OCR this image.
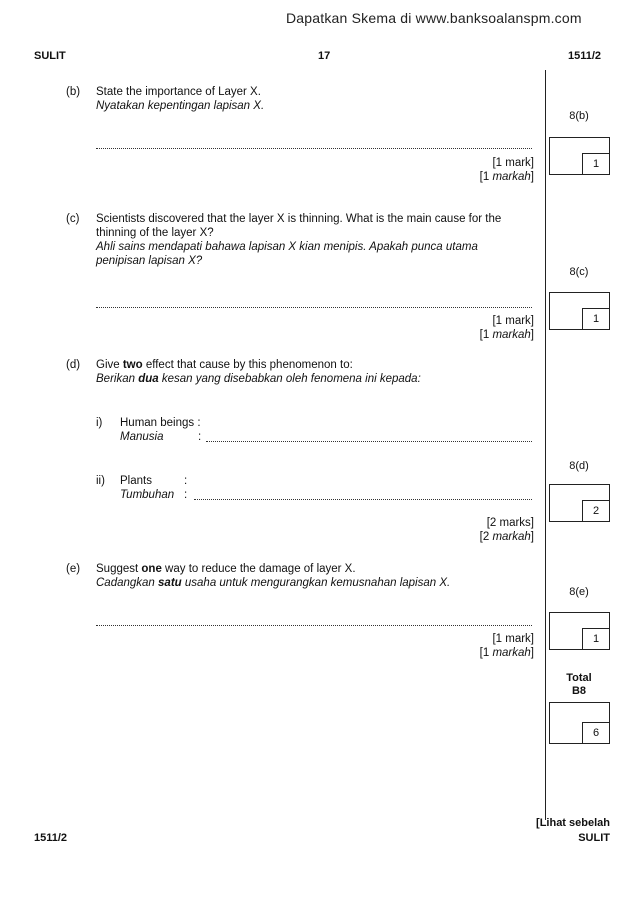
Dapatkan Skema di www.banksoalanspm.com
SULIT	17	1511/2
(b) State the importance of Layer X.
Nyatakan kepentingan lapisan X.
[1 mark]
[1 markah]
(c) Scientists discovered that the layer X is thinning. What is the main cause for the
thinning of the layer X?
Ahli sains mendapati bahawa lapisan X kian menipis. Apakah punca utama
penipisan lapisan X?
[1 mark]
[1 markah]
(d) Give two effect that cause by this phenomenon to:
Berikan dua kesan yang disebabkan oleh fenomena ini kepada:
i) Human beings :
Manusia	:
ii) Plants	:
Tumbuhan :
[2 marks]
[2 markah]
(e) Suggest one way to reduce the damage of layer X.
Cadangkan satu usaha untuk mengurangkan kemusnahan lapisan X.
[1 mark]
[1 markah]
8(b)
1
8(c)
1
8(d)
2
8(e)
1
Total
B8
6
1511/2
[Lihat sebelah
SULIT
